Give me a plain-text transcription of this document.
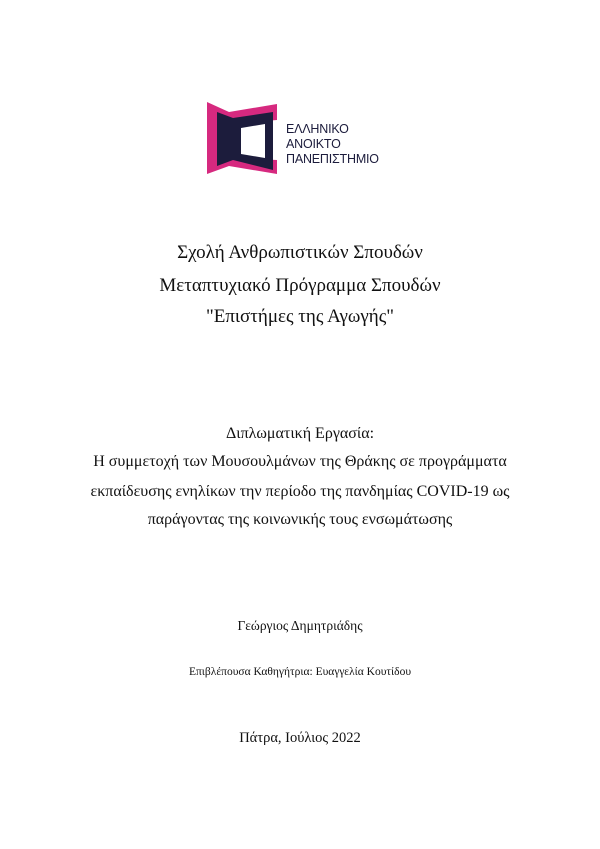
ΕΛΛΗΝΙΚΟ
ΑΝΟΙΚΤΟ
ΠΑΝΕΠΙΣΤΗΜΙΟ
Σχολή Ανθρωπιστικών Σπουδών
Μεταπτυχιακό Πρόγραμμα Σπουδών
"Επιστήμες της Αγωγής"
Διπλωματική Εργασία:
Η συμμετοχή των Μουσουλμάνων της Θράκης σε προγράμματα
εκπαίδευσης ενηλίκων την περίοδο της πανδημίας COVID-19 ως
παράγοντας της κοινωνικής τους ενσωμάτωσης
Γεώργιος Δημητριάδης
Επιβλέπουσα Καθηγήτρια: Ευαγγελία Κουτίδου
Πάτρα, Ιούλιος 2022
